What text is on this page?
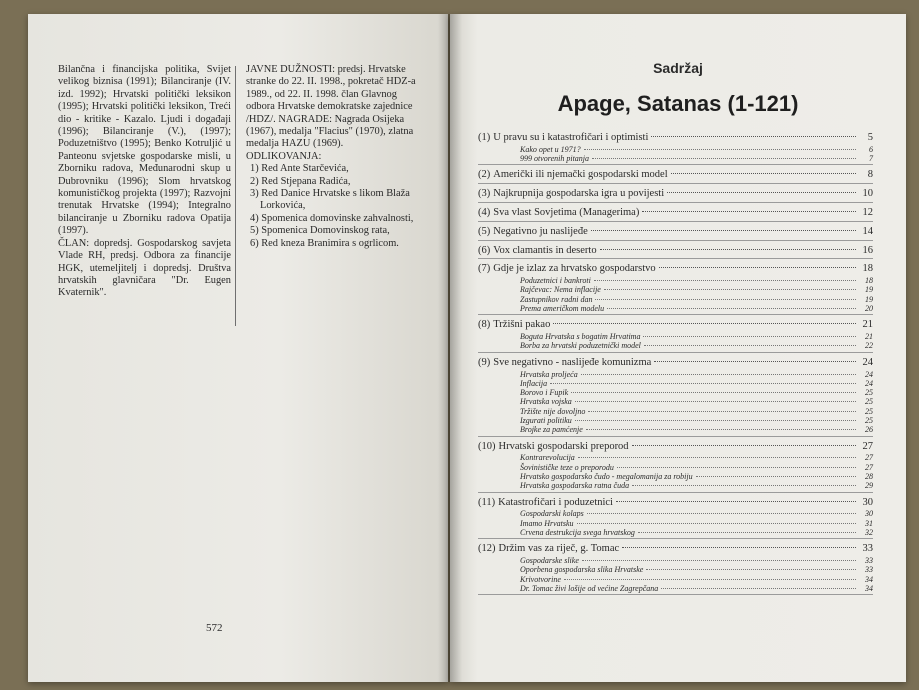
Bilančna i financijska politika, Svijet velikog biznisa (1991); Bilanciranje (IV. izd. 1992); Hrvatski politički leksikon (1995); Hrvatski politički leksikon, Treći dio - kritike - Kazalo. Ljudi i događaji (1996); Bilanciranje (V.), (1997); Poduzetništvo (1995); Benko Kotruljić u Panteonu svjetske gospodarske misli, u Zborniku radova, Međunarodni skup u Dubrovniku (1996); Slom hrvatskog komunističkog projekta (1997); Razvojni trenutak Hrvatske (1994); Integralno bilanciranje u Zborniku radova Opatija (1997).

ČLAN: dopredsj. Gospodarskog savjeta Vlade RH, predsj. Odbora za financije HGK, utemeljitelj i dopredsj. Društva hrvatskih glavničara "Dr. Eugen Kvaternik".

JAVNE DUŽNOSTI: predsj. Hrvatske stranke do 22. II. 1998., pokretač HDZ-a 1989., od 22. II. 1998. član Glavnog odbora Hrvatske demokratske zajednice /HDZ/. NAGRADE: Nagrada Osijeka (1967), medalja "Flacius" (1970), zlatna medalja HAZU (1969).

ODLIKOVANJA:

1) Red Ante Starčevića,
2) Red Stjepana Radića,
3) Red Danice Hrvatske s likom Blaža Lorkovića,
4) Spomenica domovinske zahvalnosti,
5) Spomenica Domovinskog rata,
6) Red kneza Branimira s ogrlicom.
572
Sadržaj
Apage, Satanas (1-121)
(1) U pravu su i katastrofičari i optimisti	5
Kako opet u 1971?	6
999 otvorenih pitanja	7
(2) Američki ili njemački gospodarski model	8
(3) Najkrupnija gospodarska igra u povijesti	10
(4) Sva vlast Sovjetima (Managerima)	12
(5) Negativno ju naslijeđe	14
(6) Vox clamantis in deserto	16
(7) Gdje je izlaz za hrvatsko gospodarstvo	18
Poduzetnici i bankroti	18
Rajčevac: Nema inflacije	19
Zastupnikov radni dan	19
Prema američkom modelu	20
(8) Tržišni pakao	21
Boguta Hrvatska s bogatim Hrvatima	21
Borba za hrvatski poduzetnički model	22
(9) Sve negativno - naslijeđe komunizma	24
Hrvatska proljeća	24
Inflacija	24
Borovo i Fupik	25
Hrvatska vojska	25
Tržište nije dovoljno	25
Izgurati politiku	25
Brojke za pamćenje	26
(10) Hrvatski gospodarski preporod	27
Kontrarevolucija	27
Šovinističke teze o preporodu	27
Hrvatsko gospodarsko čudo - megalomanija za robiju	28
Hrvatska gospodarska ratna čuda	29
(11) Katastrofičari i poduzetnici	30
Gospodarski kolaps	30
Imamo Hrvatsku	31
Crvena destrukcija svega hrvatskog	32
(12) Držim vas za riječ, g. Tomac	33
Gospodarske slike	33
Oporbena gospodarska slika Hrvatske	33
Krivotvorine	34
Dr. Tomac živi lošije od većine Zagrepčana	34
